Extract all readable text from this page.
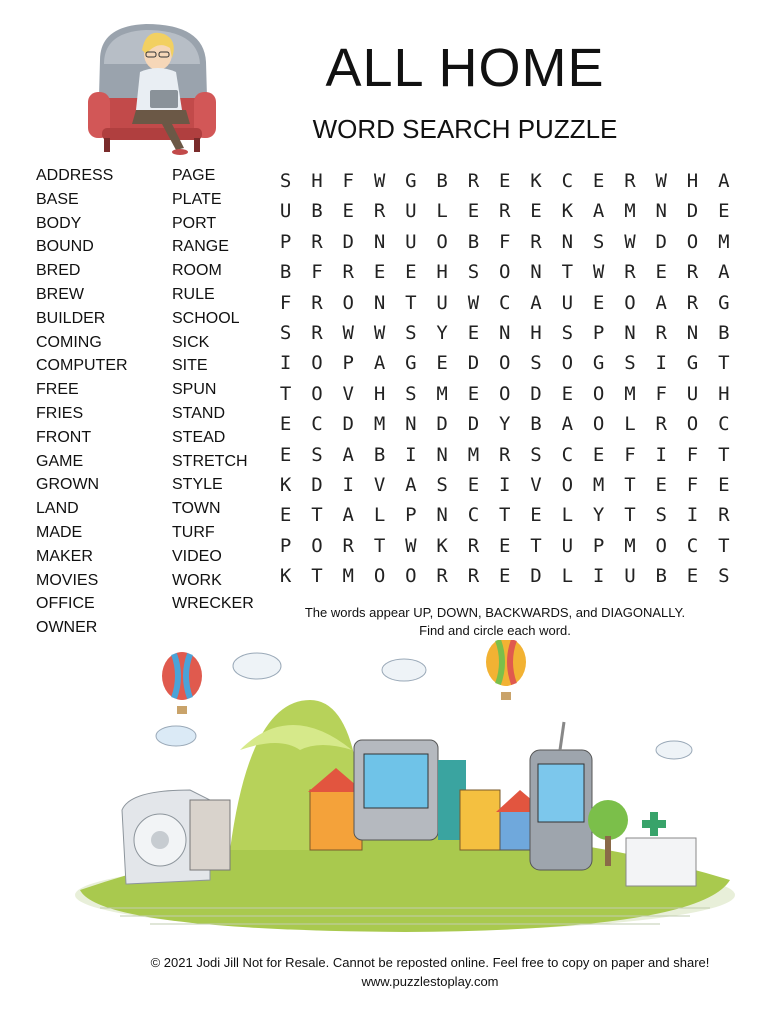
ALL HOME
WORD SEARCH PUZZLE
ADDRESS
BASE
BODY
BOUND
BRED
BREW
BUILDER
COMING
COMPUTER
FREE
FRIES
FRONT
GAME
GROWN
LAND
MADE
MAKER
MOVIES
OFFICE
OWNER
PAGE
PLATE
PORT
RANGE
ROOM
RULE
SCHOOL
SICK
SITE
SPUN
STAND
STEAD
STRETCH
STYLE
TOWN
TURF
VIDEO
WORK
WRECKER
S	H	F	W	G	B	R	E	K	C	E	R	W	H	A
U	B	E	R	U	L	E	R	E	K	A	M	N	D	E
P	R	D	N	U	O	B	F	R	N	S	W	D	O	M
B	F	R	E	E	H	S	O	N	T	W	R	E	R	A
F	R	O	N	T	U	W	C	A	U	E	O	A	R	G
S	R	W	W	S	Y	E	N	H	S	P	N	R	N	B
I	O	P	A	G	E	D	O	S	O	G	S	I	G	T
T	O	V	H	S	M	E	O	D	E	O	M	F	U	H
E	C	D	M	N	D	D	Y	B	A	O	L	R	O	C
E	S	A	B	I	N	M	R	S	C	E	F	I	F	T
K	D	I	V	A	S	E	I	V	O	M	T	E	F	E
E	T	A	L	P	N	C	T	E	L	Y	T	S	I	R
P	O	R	T	W	K	R	E	T	U	P	M	O	C	T
K	T	M	O	O	R	R	E	D	L	I	U	B	E	S
The words appear UP, DOWN, BACKWARDS, and DIAGONALLY.
Find and circle each word.
© 2021 Jodi Jill Not for Resale. Cannot be reposted online. Feel free to copy on paper and share!
www.puzzlestoplay.com
